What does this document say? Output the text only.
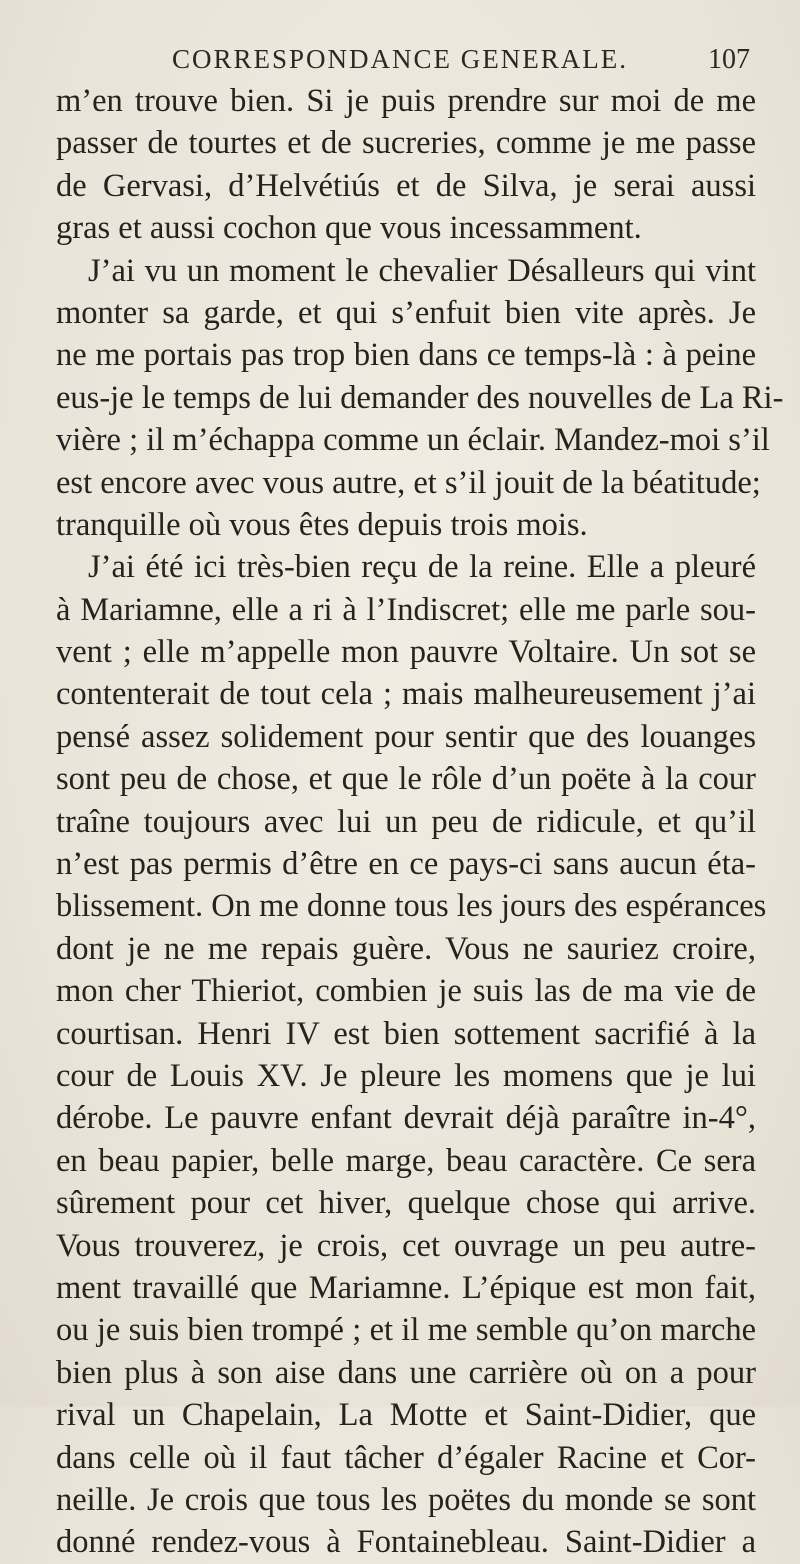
CORRESPONDANCE GENERALE.	107
m’en trouve bien. Si je puis prendre sur moi de me
passer de tourtes et de sucreries, comme je me passe
de Gervasi, d’Helvétiús et de Silva, je serai aussi
gras et aussi cochon que vous incessamment.
J’ai vu un moment le chevalier Désalleurs qui vint
monter sa garde, et qui s’enfuit bien vite après. Je
ne me portais pas trop bien dans ce temps-là : à peine
eus-je le temps de lui demander des nouvelles de La Ri-
vière ; il m’échappa comme un éclair. Mandez-moi s’il
est encore avec vous autre, et s’il jouit de la béatitude;
tranquille où vous êtes depuis trois mois.
J’ai été ici très-bien reçu de la reine. Elle a pleuré
à Mariamne, elle a ri à l’Indiscret; elle me parle sou-
vent ; elle m’appelle mon pauvre Voltaire. Un sot se
contenterait de tout cela ; mais malheureusement j’ai
pensé assez solidement pour sentir que des louanges
sont peu de chose, et que le rôle d’un poëte à la cour
traîne toujours avec lui un peu de ridicule, et qu’il
n’est pas permis d’être en ce pays-ci sans aucun éta-
blissement. On me donne tous les jours des espérances
dont je ne me repais guère. Vous ne sauriez croire,
mon cher Thieriot, combien je suis las de ma vie de
courtisan. Henri IV est bien sottement sacrifié à la
cour de Louis XV. Je pleure les momens que je lui
dérobe. Le pauvre enfant devrait déjà paraître in-4°,
en beau papier, belle marge, beau caractère. Ce sera
sûrement pour cet hiver, quelque chose qui arrive.
Vous trouverez, je crois, cet ouvrage un peu autre-
ment travaillé que Mariamne. L’épique est mon fait,
ou je suis bien trompé ; et il me semble qu’on marche
bien plus à son aise dans une carrière où on a pour
rival un Chapelain, La Motte et Saint-Didier, que
dans celle où il faut tâcher d’égaler Racine et Cor-
neille. Je crois que tous les poëtes du monde se sont
donné rendez-vous à Fontainebleau. Saint-Didier a
